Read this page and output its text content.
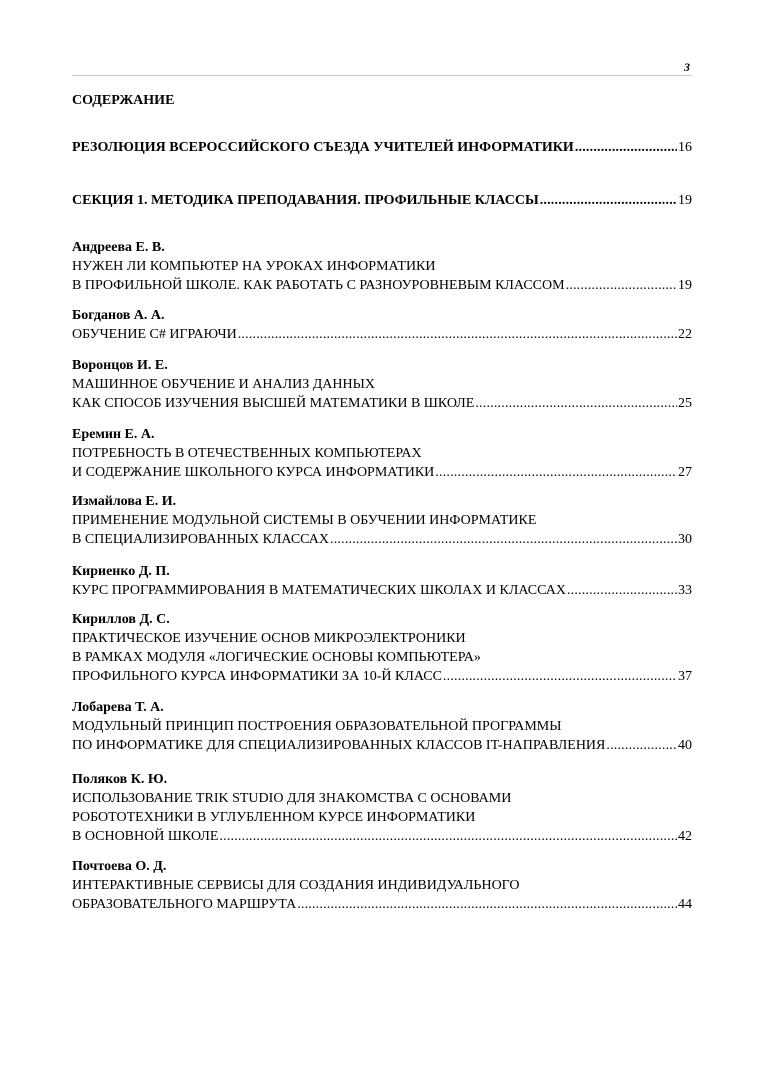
3
СОДЕРЖАНИЕ
РЕЗОЛЮЦИЯ ВСЕРОССИЙСКОГО СЪЕЗДА УЧИТЕЛЕЙ ИНФОРМАТИКИ .....	16
СЕКЦИЯ 1. МЕТОДИКА ПРЕПОДАВАНИЯ. ПРОФИЛЬНЫЕ КЛАССЫ .....	19
Андреева Е. В.
НУЖЕН ЛИ КОМПЬЮТЕР НА УРОКАХ ИНФОРМАТИКИ
В ПРОФИЛЬНОЙ ШКОЛЕ. КАК РАБОТАТЬ С РАЗНОУРОВНЕВЫМ КЛАССОМ .....	19
Богданов А. А.
ОБУЧЕНИЕ C# ИГРАЮЧИ .....	22
Воронцов И. Е.
МАШИННОЕ ОБУЧЕНИЕ И АНАЛИЗ ДАННЫХ
КАК СПОСОБ ИЗУЧЕНИЯ ВЫСШЕЙ МАТЕМАТИКИ В ШКОЛЕ .....	25
Еремин Е. А.
ПОТРЕБНОСТЬ В ОТЕЧЕСТВЕННЫХ КОМПЬЮТЕРАХ
И СОДЕРЖАНИЕ ШКОЛЬНОГО КУРСА ИНФОРМАТИКИ .....	27
Измайлова Е. И.
ПРИМЕНЕНИЕ МОДУЛЬНОЙ СИСТЕМЫ В ОБУЧЕНИИ ИНФОРМАТИКЕ
В СПЕЦИАЛИЗИРОВАННЫХ КЛАССАХ .....	30
Кириенко Д. П.
КУРС ПРОГРАММИРОВАНИЯ В МАТЕМАТИЧЕСКИХ ШКОЛАХ И КЛАССАХ .....	33
Кириллов Д. С.
ПРАКТИЧЕСКОЕ ИЗУЧЕНИЕ ОСНОВ МИКРОЭЛЕКТРОНИКИ
В РАМКАХ МОДУЛЯ «ЛОГИЧЕСКИЕ ОСНОВЫ КОМПЬЮТЕРА»
ПРОФИЛЬНОГО КУРСА ИНФОРМАТИКИ ЗА 10-Й КЛАСС .....	37
Лобарева Т. А.
МОДУЛЬНЫЙ ПРИНЦИП ПОСТРОЕНИЯ ОБРАЗОВАТЕЛЬНОЙ ПРОГРАММЫ
ПО ИНФОРМАТИКЕ ДЛЯ СПЕЦИАЛИЗИРОВАННЫХ КЛАССОВ IT-НАПРАВЛЕНИЯ .....	40
Поляков К. Ю.
ИСПОЛЬЗОВАНИЕ TRIK STUDIO ДЛЯ ЗНАКОМСТВА С ОСНОВАМИ
РОБОТОТЕХНИКИ В УГЛУБЛЕННОМ КУРСЕ ИНФОРМАТИКИ
В ОСНОВНОЙ ШКОЛЕ .....	42
Почтоева О. Д.
ИНТЕРАКТИВНЫЕ СЕРВИСЫ ДЛЯ СОЗДАНИЯ ИНДИВИДУАЛЬНОГО
ОБРАЗОВАТЕЛЬНОГО МАРШРУТА .....	44
